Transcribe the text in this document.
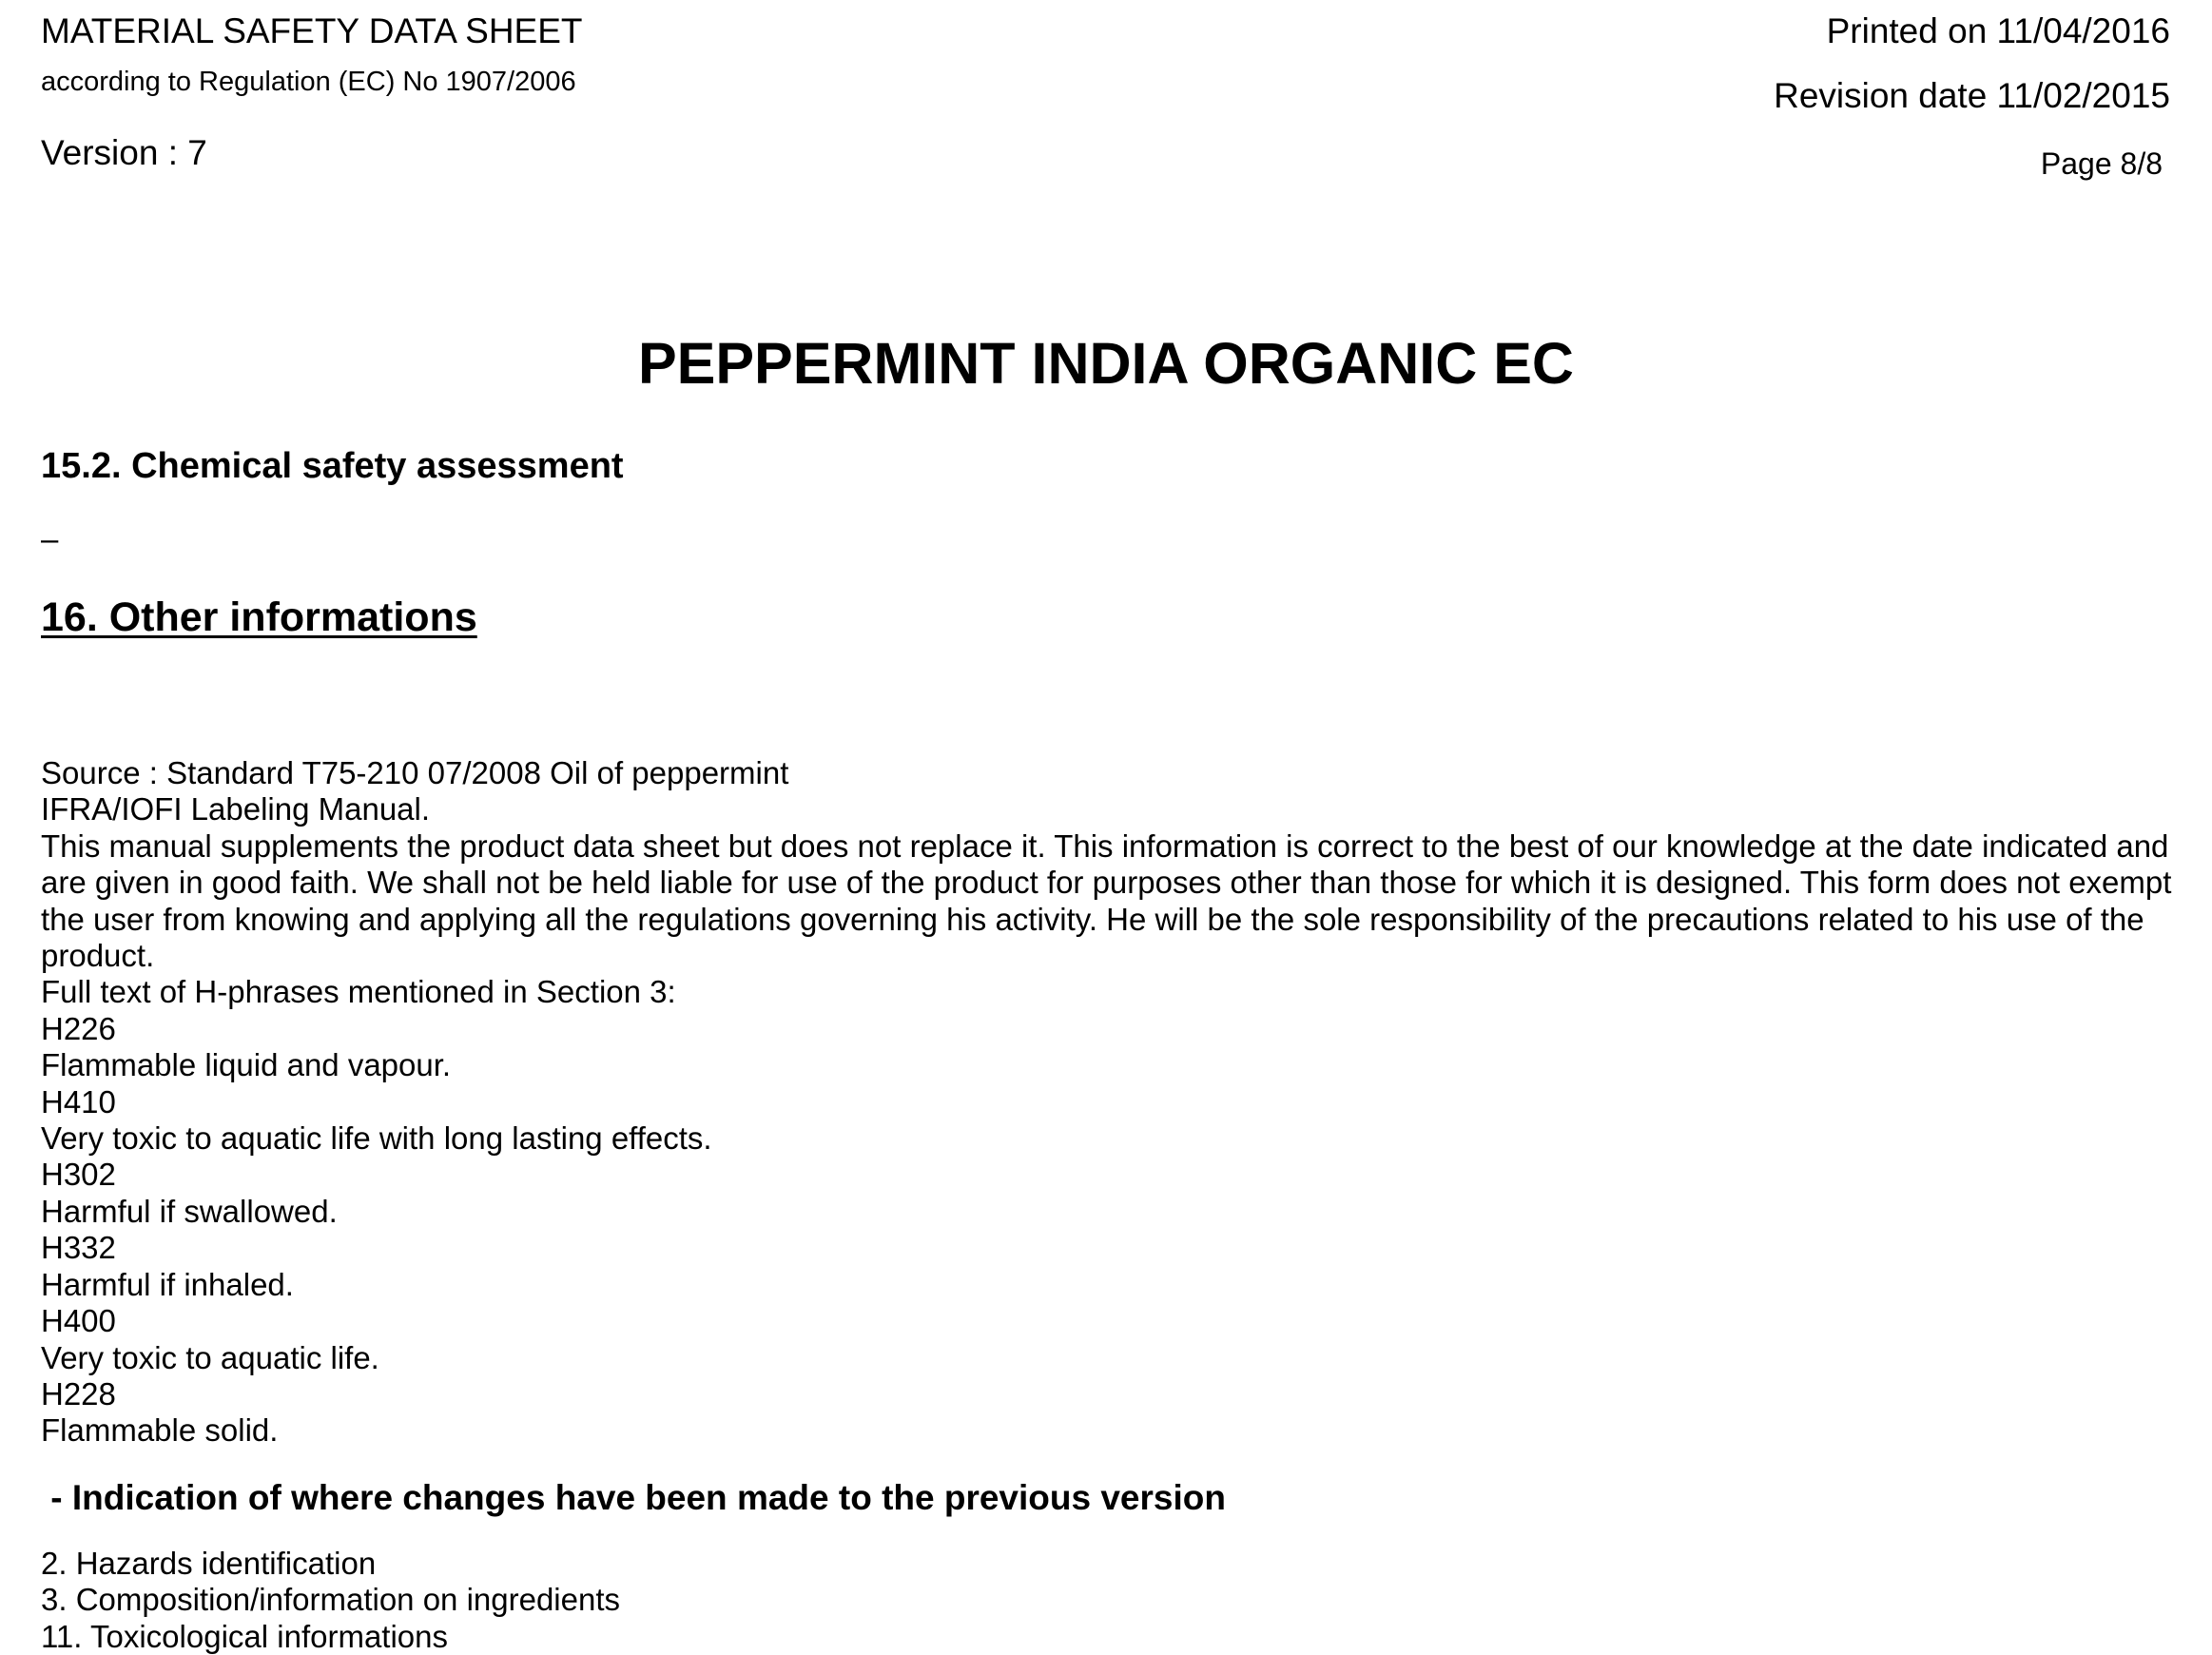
MATERIAL SAFETY DATA SHEET
according to Regulation (EC) No 1907/2006
Version : 7
Printed on 11/04/2016
Revision date 11/02/2015
Page 8/8
PEPPERMINT INDIA ORGANIC EC
15.2. Chemical safety assessment
–
16. Other informations
Source : Standard T75-210 07/2008 Oil of peppermint
IFRA/IOFI Labeling Manual.
This manual supplements the product data sheet but does not replace it. This information is correct to the best of our knowledge at the date indicated and are given in good faith. We shall not be held liable for use of the product for purposes other than those for which it is designed. This form does not exempt the user from knowing and applying all the regulations governing his activity. He will be the sole responsibility of the precautions related to his use of the product.
Full text of H-phrases mentioned in Section 3:
H226
Flammable liquid and vapour.
H410
Very toxic to aquatic life with long lasting effects.
H302
Harmful if swallowed.
H332
Harmful if inhaled.
H400
Very toxic to aquatic life.
H228
Flammable solid.
- Indication of where changes have been made to the previous version
2. Hazards identification
3. Composition/information on ingredients
11. Toxicological informations
